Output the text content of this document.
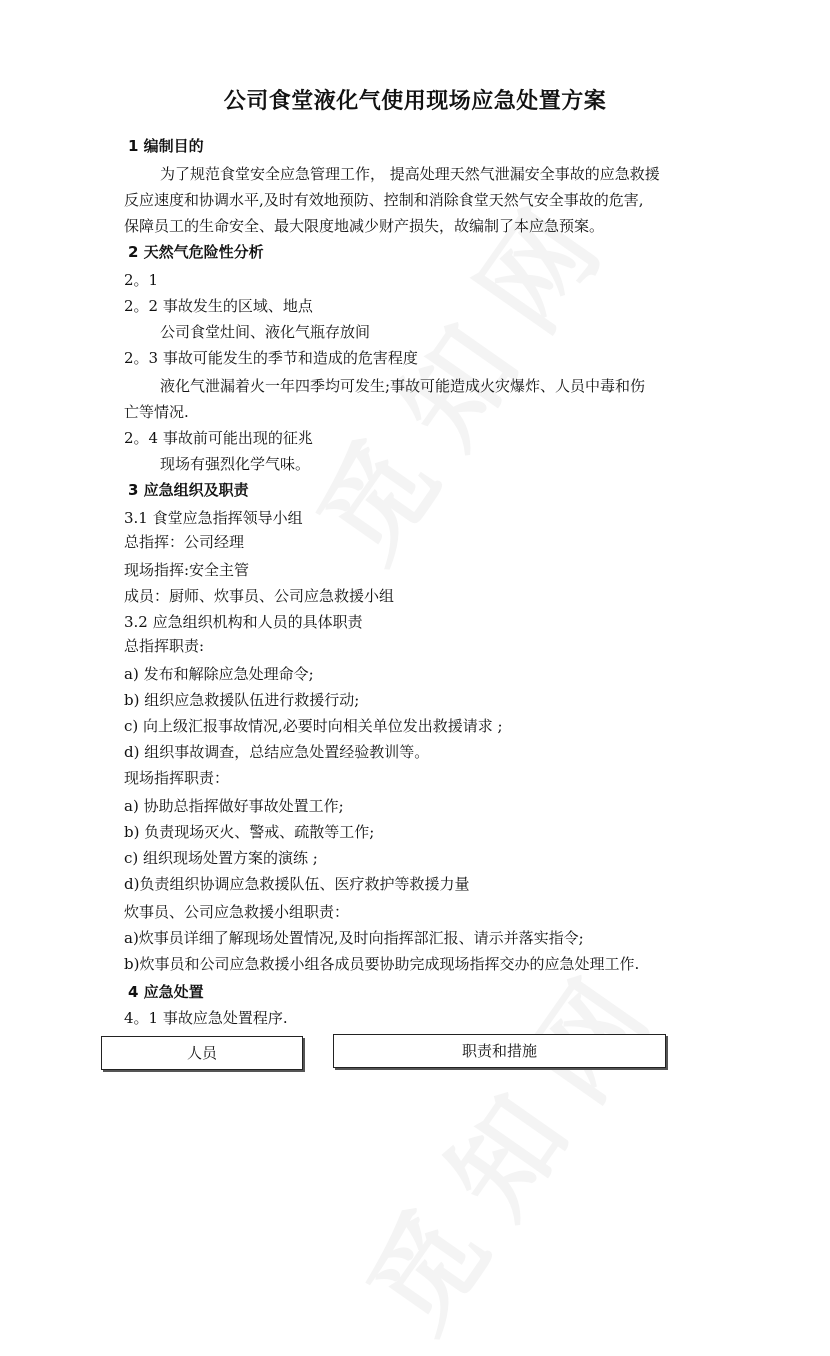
公司食堂液化气使用现场应急处置方案
1 编制目的
为了规范食堂安全应急管理工作， 提高处理天然气泄漏安全事故的应急救援
反应速度和协调水平,及时有效地预防、控制和消除食堂天然气安全事故的危害,
保障员工的生命安全、最大限度地减少财产损失，故编制了本应急预案。
2 天然气危险性分析
2。1
2。2 事故发生的区域、地点
公司食堂灶间、液化气瓶存放间
2。3 事故可能发生的季节和造成的危害程度
液化气泄漏着火一年四季均可发生;事故可能造成火灾爆炸、人员中毒和伤
亡等情况.
2。4 事故前可能出现的征兆
现场有强烈化学气味。
3 应急组织及职责
3.1 食堂应急指挥领导小组
总指挥：公司经理
现场指挥:安全主管
成员：厨师、炊事员、公司应急救援小组
3.2 应急组织机构和人员的具体职责
总指挥职责:
a) 发布和解除应急处理命令;
b) 组织应急救援队伍进行救援行动;
c) 向上级汇报事故情况,必要时向相关单位发出救援请求 ;
d) 组织事故调查，总结应急处置经验教训等。
现场指挥职责：
a) 协助总指挥做好事故处置工作;
b) 负责现场灭火、警戒、疏散等工作;
c) 组织现场处置方案的演练 ;
d)负责组织协调应急救援队伍、医疗救护等救援力量
炊事员、公司应急救援小组职责：
a)炊事员详细了解现场处置情况,及时向指挥部汇报、请示并落实指令;
b)炊事员和公司应急救援小组各成员要协助完成现场指挥交办的应急处理工作.
4 应急处置
4。1 事故应急处置程序.
人员	职责和措施
